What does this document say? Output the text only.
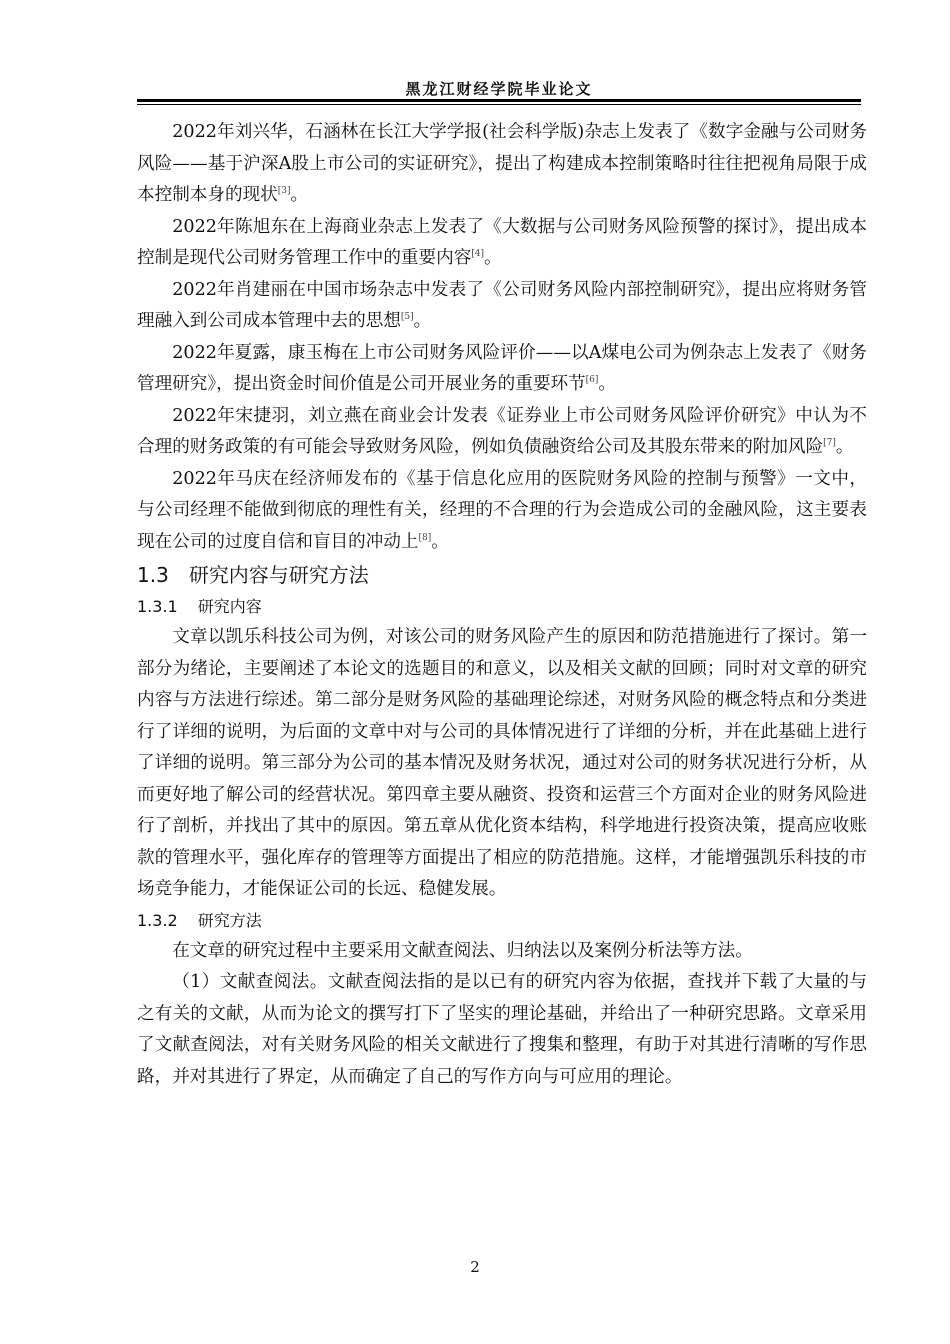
黑龙江财经学院毕业论文

2022年刘兴华，石涵林在长江大学学报(社会科学版)杂志上发表了《数字金融与公司财务风险——基于沪深A股上市公司的实证研究》，提出了构建成本控制策略时往往把视角局限于成本控制本身的现状[3]。

2022年陈旭东在上海商业杂志上发表了《大数据与公司财务风险预警的探讨》，提出成本控制是现代公司财务管理工作中的重要内容[4]。

2022年肖建丽在中国市场杂志中发表了《公司财务风险内部控制研究》，提出应将财务管理融入到公司成本管理中去的思想[5]。

2022年夏露，康玉梅在上市公司财务风险评价——以A煤电公司为例杂志上发表了《财务管理研究》，提出资金时间价值是公司开展业务的重要环节[6]。

2022年宋捷羽，刘立燕在商业会计发表《证券业上市公司财务风险评价研究》中认为不合理的财务政策的有可能会导致财务风险，例如负债融资给公司及其股东带来的附加风险[7]。

2022年马庆在经济师发布的《基于信息化应用的医院财务风险的控制与预警》一文中，与公司经理不能做到彻底的理性有关，经理的不合理的行为会造成公司的金融风险，这主要表现在公司的过度自信和盲目的冲动上[8]。

1.3 研究内容与研究方法
1.3.1 研究内容

文章以凯乐科技公司为例，对该公司的财务风险产生的原因和防范措施进行了探讨。第一部分为绪论，主要阐述了本论文的选题目的和意义，以及相关文献的回顾；同时对文章的研究内容与方法进行综述。第二部分是财务风险的基础理论综述，对财务风险的概念特点和分类进行了详细的说明，为后面的文章中对与公司的具体情况进行了详细的分析，并在此基础上进行了详细的说明。第三部分为公司的基本情况及财务状况，通过对公司的财务状况进行分析，从而更好地了解公司的经营状况。第四章主要从融资、投资和运营三个方面对企业的财务风险进行了剖析，并找出了其中的原因。第五章从优化资本结构，科学地进行投资决策，提高应收账款的管理水平，强化库存的管理等方面提出了相应的防范措施。这样，才能增强凯乐科技的市场竞争能力，才能保证公司的长远、稳健发展。

1.3.2 研究方法

在文章的研究过程中主要采用文献查阅法、归纳法以及案例分析法等方法。

（1）文献查阅法。文献查阅法指的是以已有的研究内容为依据，查找并下载了大量的与之有关的文献，从而为论文的撰写打下了坚实的理论基础，并给出了一种研究思路。文章采用了文献查阅法，对有关财务风险的相关文献进行了搜集和整理，有助于对其进行清晰的写作思路，并对其进行了界定，从而确定了自己的写作方向与可应用的理论。

2
